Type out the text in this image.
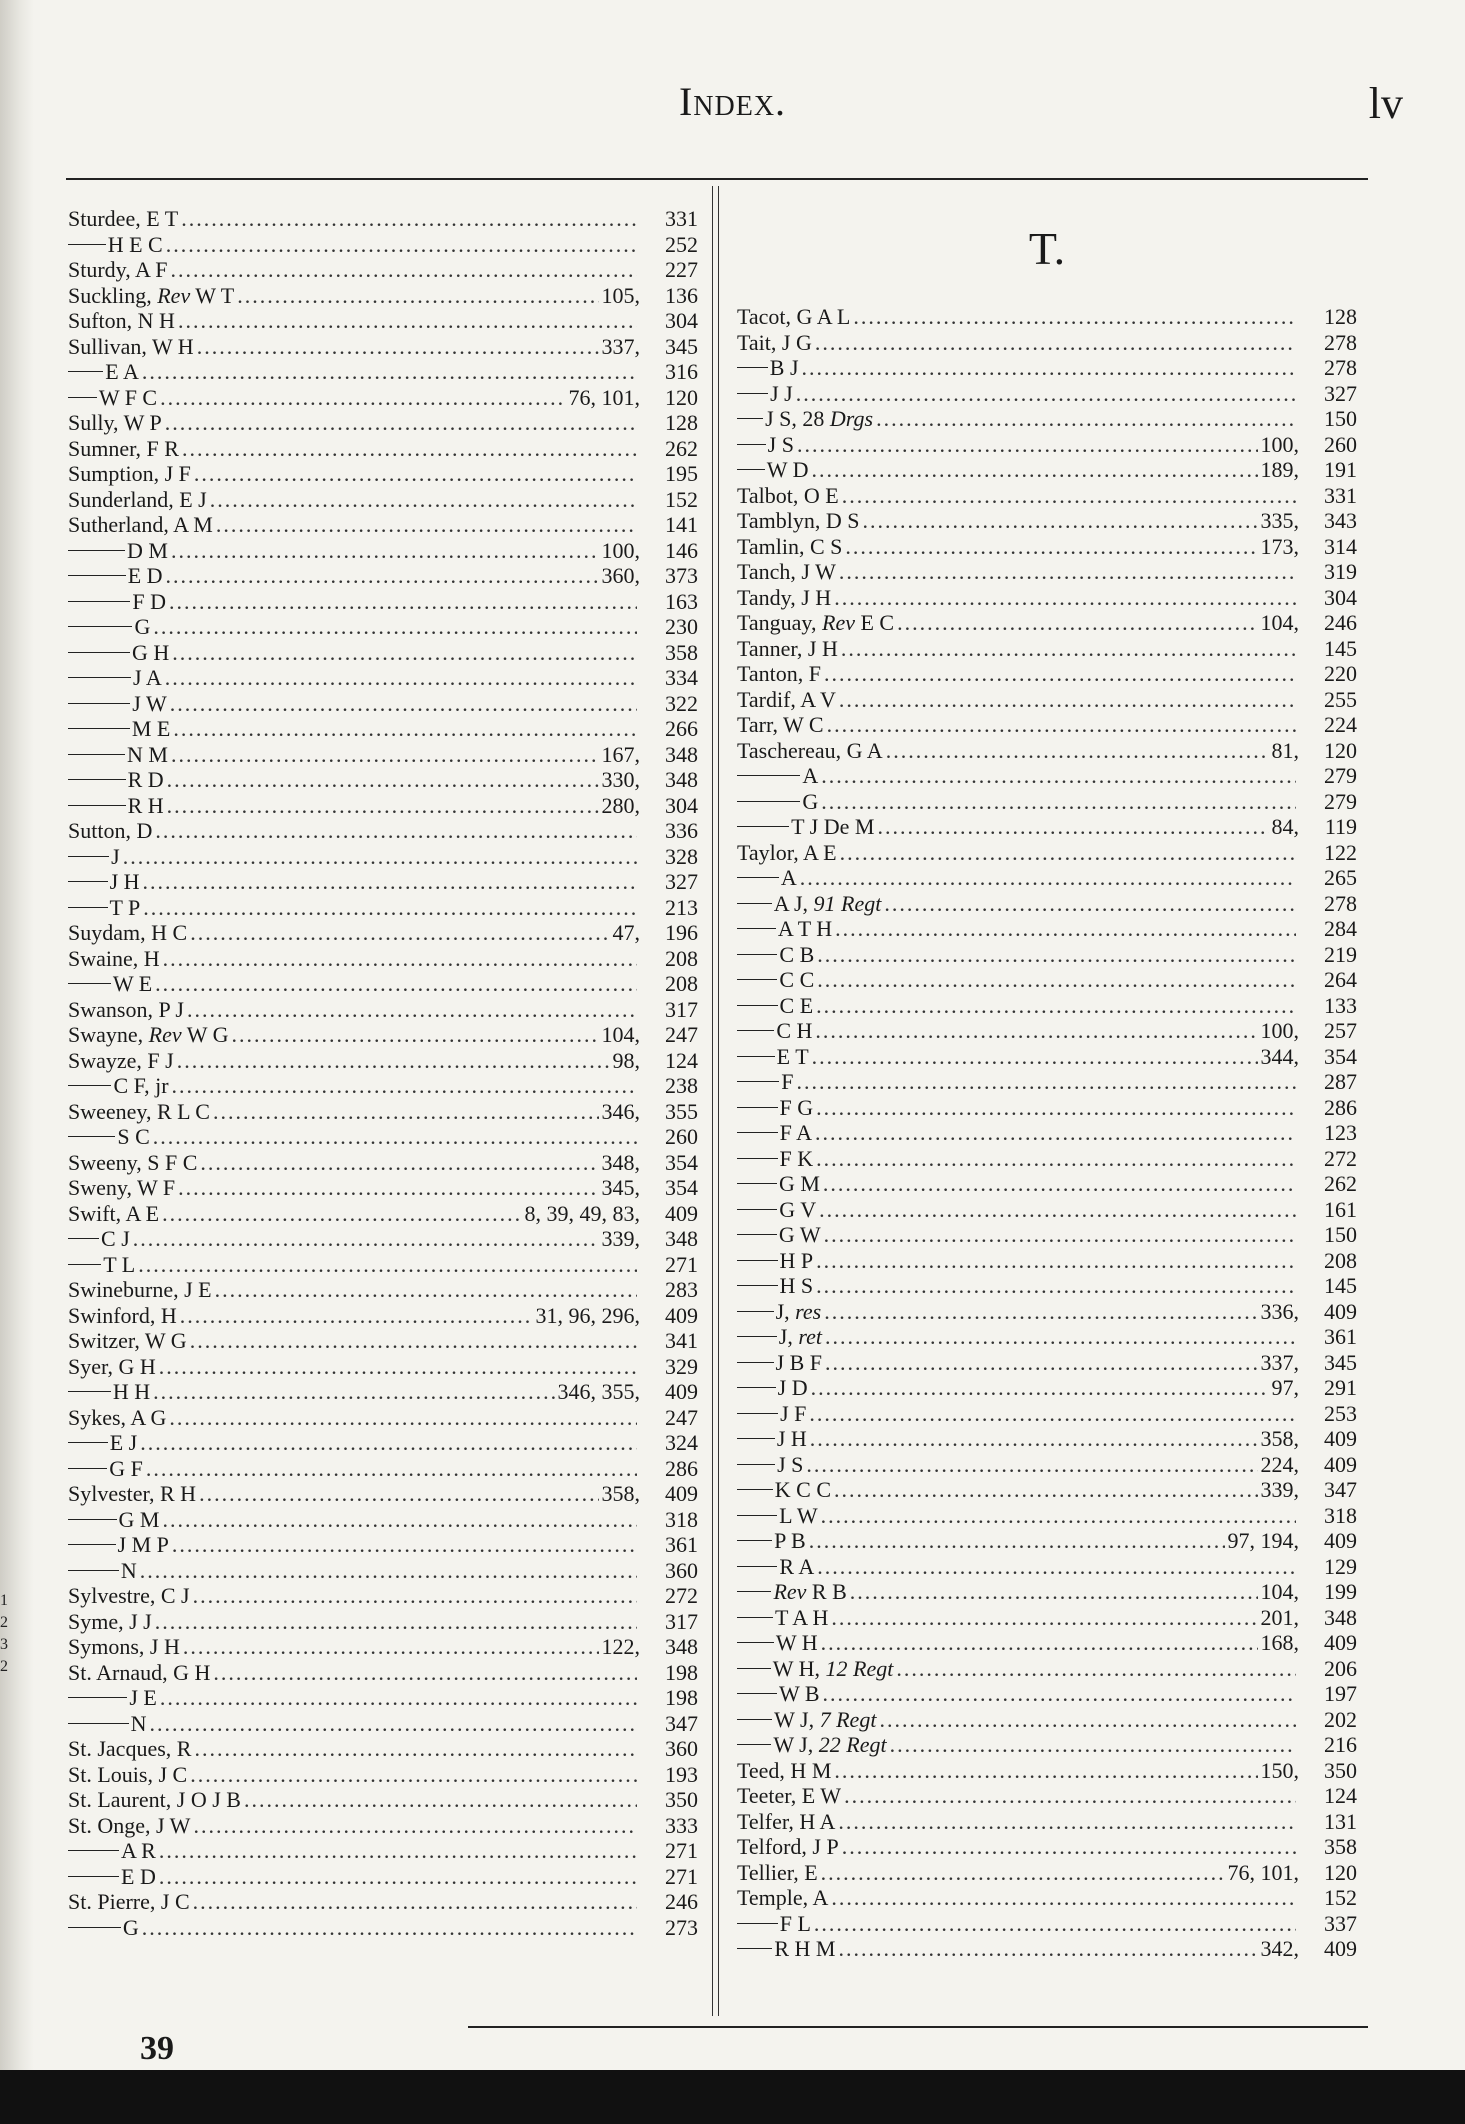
Index.	lv
Sturdee, E T .....	331
H E C .....	252
Sturdy, A F .....	227
Suckling, Rev W T .....	105,	136
Sufton, N H .....	304
Sullivan, W H .....	337,	345
E A .....	316
W F C .....	76, 101,	120
Sully, W P .....	128
Sumner, F R .....	262
Sumption, J F .....	195
Sunderland, E J .....	152
Sutherland, A M .....	141
D M .....	100,	146
E D .....	360,	373
F D .....	163
G .....	230
G H .....	358
J A .....	334
J W .....	322
M E .....	266
N M .....	167,	348
R D .....	330,	348
R H .....	280,	304
Sutton, D .....	336
J .....	328
J H .....	327
T P .....	213
Suydam, H C .....	47,	196
Swaine, H .....	208
W E .....	208
Swanson, P J .....	317
Swayne, Rev W G .....	104,	247
Swayze, F J .....	98,	124
C F, jr .....	238
Sweeney, R L C .....	346,	355
S C .....	260
Sweeny, S F C .....	348,	354
Sweny, W F .....	345,	354
Swift, A E .....	8, 39, 49, 83,	409
C J .....	339,	348
T L .....	271
Swineburne, J E .....	283
Swinford, H .....	31, 96, 296,	409
Switzer, W G .....	341
Syer, G H .....	329
H H .....	346, 355,	409
Sykes, A G .....	247
E J .....	324
G F .....	286
Sylvester, R H .....	358,	409
G M .....	318
J M P .....	361
N .....	360
Sylvestre, C J .....	272
Syme, J J .....	317
Symons, J H .....	122,	348
St. Arnaud, G H .....	198
J E .....	198
N .....	347
St. Jacques, R .....	360
St. Louis, J C .....	193
St. Laurent, J O J B .....	350
St. Onge, J W .....	333
A R .....	271
E D .....	271
St. Pierre, J C .....	246
G .....	273
T.
Tacot, G A L .....	128
Tait, J G .....	278
B J .....	278
J J .....	327
J S, 28 Drgs .....	150
J S .....	100,	260
W D .....	189,	191
Talbot, O E .....	331
Tamblyn, D S .....	335,	343
Tamlin, C S .....	173,	314
Tanch, J W .....	319
Tandy, J H .....	304
Tanguay, Rev E C .....	104,	246
Tanner, J H .....	145
Tanton, F .....	220
Tardif, A V .....	255
Tarr, W C .....	224
Taschereau, G A .....	81,	120
A .....	279
G .....	279
T J De M .....	84,	119
Taylor, A E .....	122
A .....	265
A J, 91 Regt .....	278
A T H .....	284
C B .....	219
C C .....	264
C E .....	133
C H .....	100,	257
E T .....	344,	354
F .....	287
F G .....	286
F A .....	123
F K .....	272
G M .....	262
G V .....	161
G W .....	150
H P .....	208
H S .....	145
J, res .....	336,	409
J, ret .....	361
J B F .....	337,	345
J D .....	97,	291
J F .....	253
J H .....	358,	409
J S .....	224,	409
K C C .....	339,	347
L W .....	318
P B .....	97, 194,	409
R A .....	129
Rev R B .....	104,	199
T A H .....	201,	348
W H .....	168,	409
W H, 12 Regt .....	206
W B .....	197
W J, 7 Regt .....	202
W J, 22 Regt .....	216
Teed, H M .....	150,	350
Teeter, E W .....	124
Telfer, H A .....	131
Telford, J P .....	358
Tellier, E .....	76, 101,	120
Temple, A .....	152
F L .....	337
R H M .....	342,	409
1
2
3
2
39
